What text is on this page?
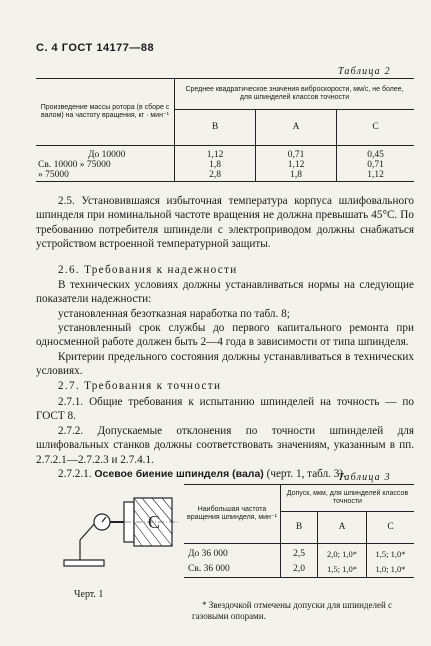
С. 4 ГОСТ 14177—88
Таблица 2
Произведение массы ротора (в сборе с валом) на частоту вращения, кг · мин⁻¹	Среднее квадратическое значения виброскорости, мм/с, не более, для шпинделей классов точности		
	В	А	С
До 10000	1,12	0,71	0,45
Св. 10000 » 75000	1,8	1,12	0,71
» 75000	2,8	1,8	1,12
2.5. Установившаяся избыточная температура корпуса шлифовального шпинделя при номинальной частоте вращения не должна превышать 45°С. По требованию потребителя шпиндели с электроприводом должны снабжаться устройством встроенной температурной защиты.
2.6. Требования к надежности
В технических условиях должны устанавливаться нормы на следующие показатели надежности:
установленная безотказная наработка по табл. 8;
установленный срок службы до первого капитального ремонта при односменной работе должен быть 2—4 года в зависимости от типа шпинделя.
Критерии предельного состояния должны устанавливаться в технических условиях.
2.7. Требования к точности
2.7.1. Общие требования к испытанию шпинделей на точность — по ГОСТ 8.
2.7.2. Допускаемые отклонения по точности шпинделей для шлифовальных станков должны соответствовать значениям, указанным в пп. 2.7.2.1—2.7.2.3 и 2.7.4.1.
2.7.2.1. Осевое биение шпинделя (вала) (черт. 1, табл. 3).
C
Черт. 1
Таблица 3
Наибольшая частота вращения шпинделя, мин⁻¹	Допуск, мкм, для шпинделей классов точности		
	В	А	С
До 36 000	2,5	2,0; 1,0*	1,5; 1,0*
Св. 36 000	2,0	1,5; 1,0*	1,0; 1,0*
* Звездочкой отмечены допуски для шпинделей с газовыми опорами.
